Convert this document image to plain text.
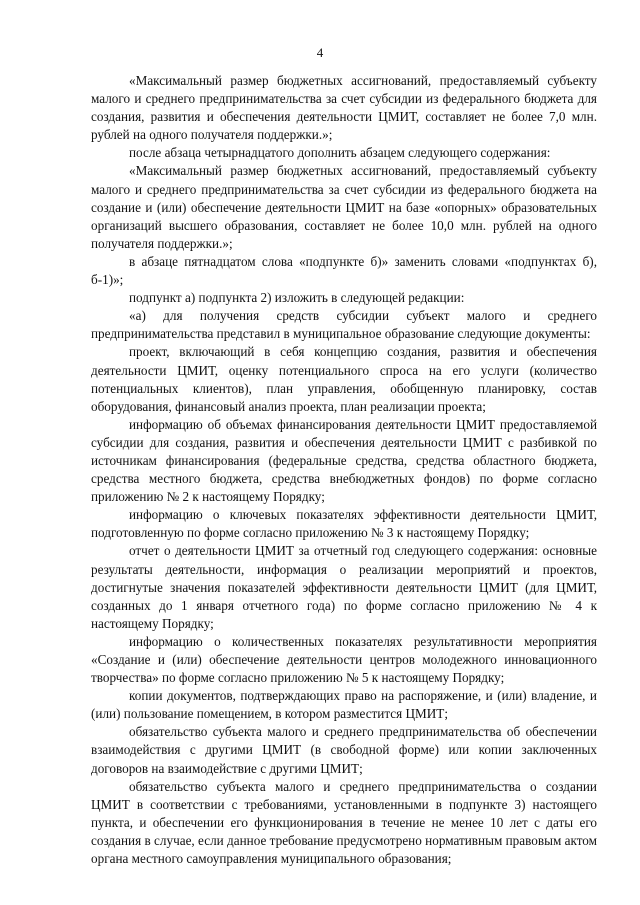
4

«Максимальный размер бюджетных ассигнований, предоставляемый субъекту малого и среднего предпринимательства за счет субсидии из федерального бюджета для создания, развития и обеспечения деятельности ЦМИТ, составляет не более 7,0 млн. рублей на одного получателя поддержки.»;

после абзаца четырнадцатого дополнить абзацем следующего содержания:

«Максимальный размер бюджетных ассигнований, предоставляемый субъекту малого и среднего предпринимательства за счет субсидии из федерального бюджета на создание и (или) обеспечение деятельности ЦМИТ на базе «опорных» образовательных организаций высшего образования, составляет не более 10,0 млн. рублей на одного получателя поддержки.»;

в абзаце пятнадцатом слова «подпункте б)» заменить словами «подпунктах б), б-1)»;

подпункт а) подпункта 2) изложить в следующей редакции:

«а) для получения средств субсидии субъект малого и среднего предпринимательства представил в муниципальное образование следующие документы:

проект, включающий в себя концепцию создания, развития и обеспечения деятельности ЦМИТ, оценку потенциального спроса на его услуги (количество потенциальных клиентов), план управления, обобщенную планировку, состав оборудования, финансовый анализ проекта, план реализации проекта;

информацию об объемах финансирования деятельности ЦМИТ предоставляемой субсидии для создания, развития и обеспечения деятельности ЦМИТ с разбивкой по источникам финансирования (федеральные средства, средства областного бюджета, средства местного бюджета, средства внебюджетных фондов) по форме согласно приложению № 2 к настоящему Порядку;

информацию о ключевых показателях эффективности деятельности ЦМИТ, подготовленную по форме согласно приложению № 3 к настоящему Порядку;

отчет о деятельности ЦМИТ за отчетный год следующего содержания: основные результаты деятельности, информация о реализации мероприятий и проектов, достигнутые значения показателей эффективности деятельности ЦМИТ (для ЦМИТ, созданных до 1 января отчетного года) по форме согласно приложению № 4 к настоящему Порядку;

информацию о количественных показателях результативности мероприятия «Создание и (или) обеспечение деятельности центров молодежного инновационного творчества» по форме согласно приложению № 5 к настоящему Порядку;

копии документов, подтверждающих право на распоряжение, и (или) владение, и (или) пользование помещением, в котором разместится ЦМИТ;

обязательство субъекта малого и среднего предпринимательства об обеспечении взаимодействия с другими ЦМИТ (в свободной форме) или копии заключенных договоров на взаимодействие с другими ЦМИТ;

обязательство субъекта малого и среднего предпринимательства о создании ЦМИТ в соответствии с требованиями, установленными в подпункте 3) настоящего пункта, и обеспечении его функционирования в течение не менее 10 лет с даты его создания в случае, если данное требование предусмотрено нормативным правовым актом органа местного самоуправления муниципального образования;
